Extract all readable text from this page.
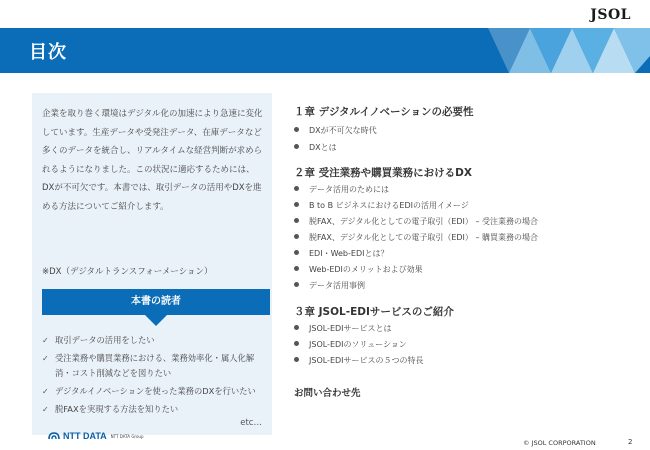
JSOL
目次
企業を取り巻く環境はデジタル化の加速により急速に変化しています。生産データや受発注データ、在庫データなど多くのデータを統合し、リアルタイムな経営判断が求められるようになりました。この状況に適応するためには、DXが不可欠です。本書では、取引データの活用やDXを進める方法についてご紹介します。
※DX（デジタルトランスフォーメーション）
本書の読者
✓ 取引データの活用をしたい
✓ 受注業務や購買業務における、業務効率化・属人化解消・コスト削減などを図りたい
✓ デジタルイノベーションを使った業務のDXを行いたい
✓ 脱FAXを実現する方法を知りたい
etc…
１章 デジタルイノベーションの必要性
DXが不可欠な時代
DXとは
２章 受注業務や購買業務におけるDX
データ活用のためには
B to B ビジネスにおけるEDIの活用イメージ
脱FAX、デジタル化としての電子取引（EDI） – 受注業務の場合
脱FAX、デジタル化としての電子取引（EDI） – 購買業務の場合
EDI・Web-EDIとは？
Web-EDIのメリットおよび効果
データ活用事例
３章 JSOL-EDIサービスのご紹介
JSOL-EDIサービスとは
JSOL-EDIのソリューション
JSOL-EDIサービスの５つの特長
お問い合わせ先
NTT DATA NTT DATA Group
© JSOL CORPORATION	2
